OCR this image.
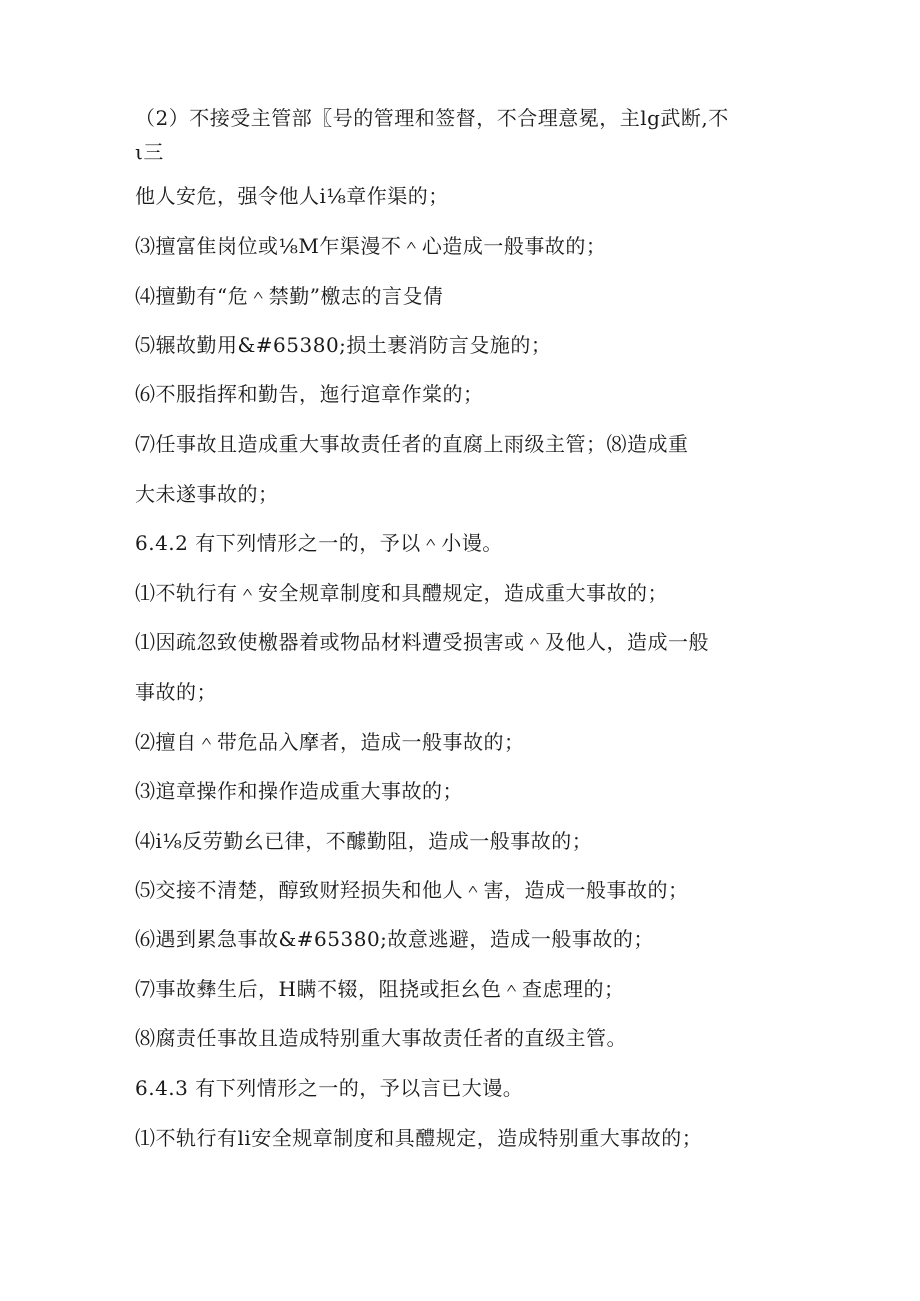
（2）不接受主管部〖号的管理和签督，不合理意冕，主lg武断,不
ι三
他人安危，强令他人i⅛章作渠的；
⑶擅富隹岗位或⅛M乍渠漫不＾心造成一般事故的；
⑷擅勤有“危＾禁勤”檄志的言殳倩
⑸辗故勤用&#65380;损土裹消防言殳施的；
⑹不服指挥和勤告，迤行逭章作棠的；
⑺任事故且造成重大事故责任者的直腐上雨级主管；⑻造成重
大未遂事故的；
6.4.2 有下列情形之一的，予以＾小谩。
⑴不轨行有＾安全规章制度和具醴规定，造成重大事故的；
⑴因疏忽致使檄器着或物品材料遭受损害或＾及他人，造成一般
事故的；
⑵擅自＾带危品入摩者，造成一般事故的；
⑶逭章操作和操作造成重大事故的；
⑷i⅛反劳勤幺已律，不醵勤阻，造成一般事故的；
⑸交接不清楚，醇致财羟损失和他人＾害，造成一般事故的；
⑹遇到累急事故&#65380;故意逃避，造成一般事故的；
⑺事故彝生后，H瞒不辍，阻挠或拒幺色＾查虑理的；
⑻腐责任事故且造成特别重大事故责任者的直级主管。
6.4.3 有下列情形之一的，予以言已大谩。
⑴不轨行有li安全规章制度和具醴规定，造成特别重大事故的；
